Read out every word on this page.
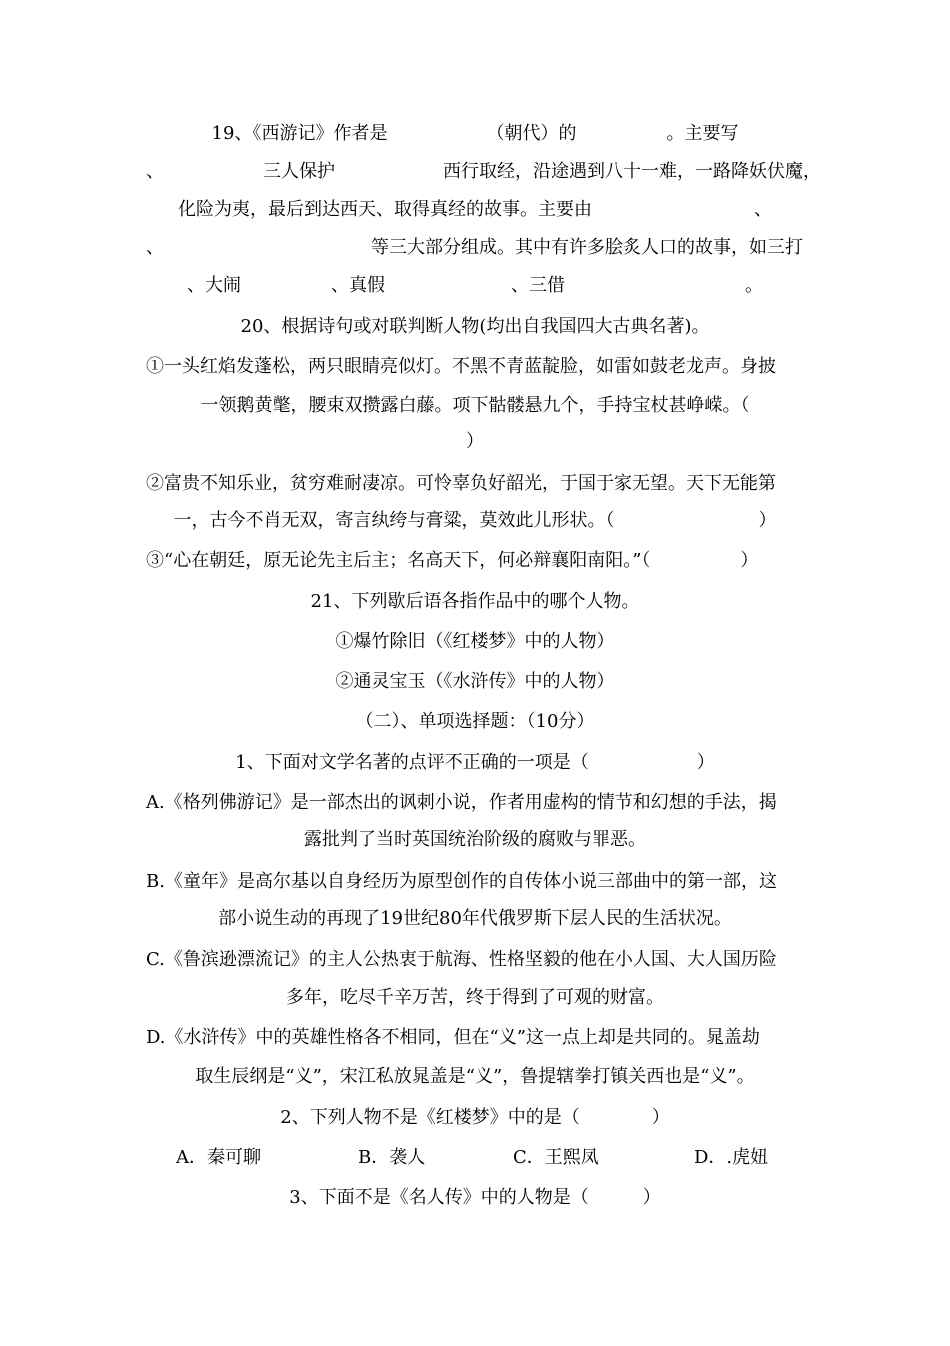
19、《西游记》作者是　　　　　　（朝代）的　　　　　。主要写
、　　　　　　三人保护　　　　　　西行取经，沿途遇到八十一难，一路降妖伏魔，
化险为夷，最后到达西天、取得真经的故事。主要由　　　　　　　　　、
、　　　　　　　　　　　　等三大部分组成。其中有许多脍炙人口的故事，如三打
、大闹　　　　　、真假　　　　　　　、三借　　　　　　　　　　。
20、根据诗句或对联判断人物(均出自我国四大古典名著)。
①一头红焰发蓬松，两只眼睛亮似灯。不黑不青蓝靛脸，如雷如鼓老龙声。身披
一领鹅黄氅，腰束双攒露白藤。项下骷髅悬九个，手持宝杖甚峥嵘。（
）
②富贵不知乐业，贫穷难耐凄凉。可怜辜负好韶光，于国于家无望。天下无能第
一，古今不肖无双，寄言纨绔与膏粱，莫效此儿形状。（　　　　　　　　）
③“心在朝廷，原无论先主后主；名高天下，何必辩襄阳南阳。”（　　　　　）
21、下列歇后语各指作品中的哪个人物。
①爆竹除旧（《红楼梦》中的人物）
②通灵宝玉（《水浒传》中的人物）
（二）、单项选择题：（10分）
1、下面对文学名著的点评不正确的一项是（　　　　　　）
A.《格列佛游记》是一部杰出的讽刺小说，作者用虚构的情节和幻想的手法，揭
露批判了当时英国统治阶级的腐败与罪恶。
B.《童年》是高尔基以自身经历为原型创作的自传体小说三部曲中的第一部，这
部小说生动的再现了19世纪80年代俄罗斯下层人民的生活状况。
C.《鲁滨逊漂流记》的主人公热衷于航海、性格坚毅的他在小人国、大人国历险
多年，吃尽千辛万苦，终于得到了可观的财富。
D.《水浒传》中的英雄性格各不相同，但在“义”这一点上却是共同的。晁盖劫
取生辰纲是“义”，宋江私放晁盖是“义”，鲁提辖拳打镇关西也是“义”。
2、下列人物不是《红楼梦》中的是（　　　　）
A．秦可聊	B．袭人	C．王熙凤	D．.虎妞
3、下面不是《名人传》中的人物是（　　　）
